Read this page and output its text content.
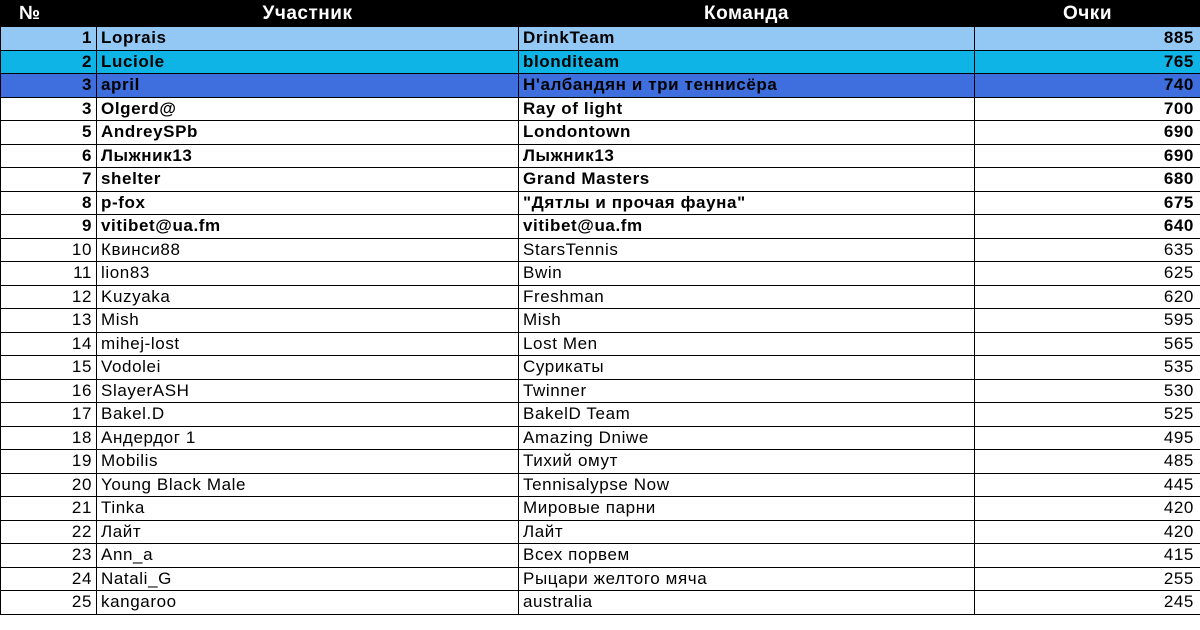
№	Участник	Команда	Очки
1	Loprais	DrinkTeam	885
2	Luciole	blonditeam	765
3	april	Н'албандян и три теннисёра	740
3	Olgerd@	Ray of light	700
5	AndreySPb	Londontown	690
6	Лыжник13	Лыжник13	690
7	shelter	Grand Masters	680
8	p-fox	"Дятлы и прочая фауна"	675
9	vitibet@ua.fm	vitibet@ua.fm	640
10	Квинси88	StarsTennis	635
11	lion83	Bwin	625
12	Kuzyaka	Freshman	620
13	Mish	Mish	595
14	mihej-lost	Lost Men	565
15	Vodolei	Сурикаты	535
16	SlayerASH	Twinner	530
17	Bakel.D	BakelD Team	525
18	Андердог 1	Amazing Dniwe	495
19	Mobilis	Тихий омут	485
20	Young Black Male	Tennisalypse Now	445
21	Tinka	Мировые парни	420
22	Лайт	Лайт	420
23	Ann_a	Всех порвем	415
24	Natali_G	Рыцари желтого мяча	255
25	kangaroo	australia	245
